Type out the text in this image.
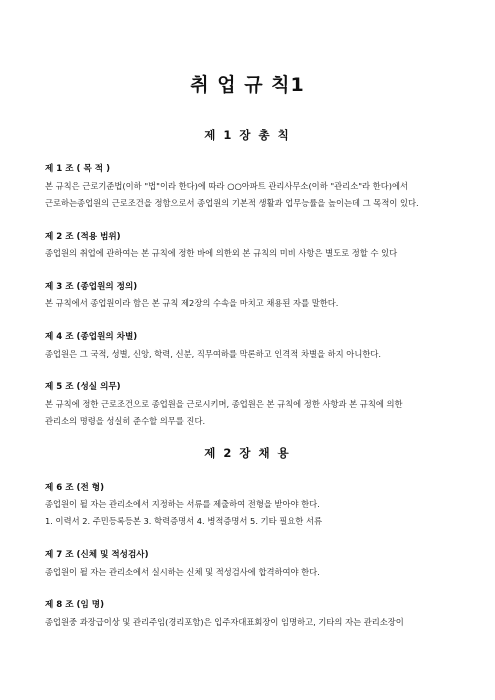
취 업 규 칙1
제 1 장 총 칙
제 1 조 ( 목 적 )
본 규칙은 근로기준법(이하 "법"이라 한다)에 따라 ○○아파트 관리사무소(이하 "관리소"라 한다)에서
근로하는종업원의 근로조건을 정함으로서 종업원의 기본적 생활과 업무능률을 높이는데 그 목적이 있다.
제 2 조 (적용 범위)
종업원의 취업에 관하여는 본 규칙에 정한 바에 의한외 본 규칙의 미비 사항은 별도로 정할 수 있다
제 3 조 (종업원의 정의)
본 규칙에서 종업원이라 함은 본 규칙 제2장의 수속을 마치고 채용된 자를 말한다.
제 4 조 (종업원의 차별)
종업원은 그 국적, 성별, 신앙, 학력, 신분, 직무여하를 막론하고 인격적 차별을 하지 아니한다.
제 5 조 (성실 의무)
본 규칙에 정한 근로조건으로 종업원을 근로시키며, 종업원은 본 규칙에 정한 사항과 본 규칙에 의한
관리소의 명령을 성실히 준수할 의무를 진다.
제 2 장 채 용
제 6 조 (전 형)
종업원이 될 자는 관리소에서 지정하는 서류를 제출하여 전형을 받아야 한다.
1. 이력서 2. 주민등록등본 3. 학력증명서 4. 병적증명서 5. 기타 필요한 서류
제 7 조 (신체 및 적성검사)
종업원이 될 자는 관리소에서 실시하는 신체 및 적성검사에 합격하여야 한다.
제 8 조 (임 명)
종업원중 과장급이상 및 관리주임(경리포함)은 입주자대표회장이 임명하고, 기타의 자는 관리소장이
